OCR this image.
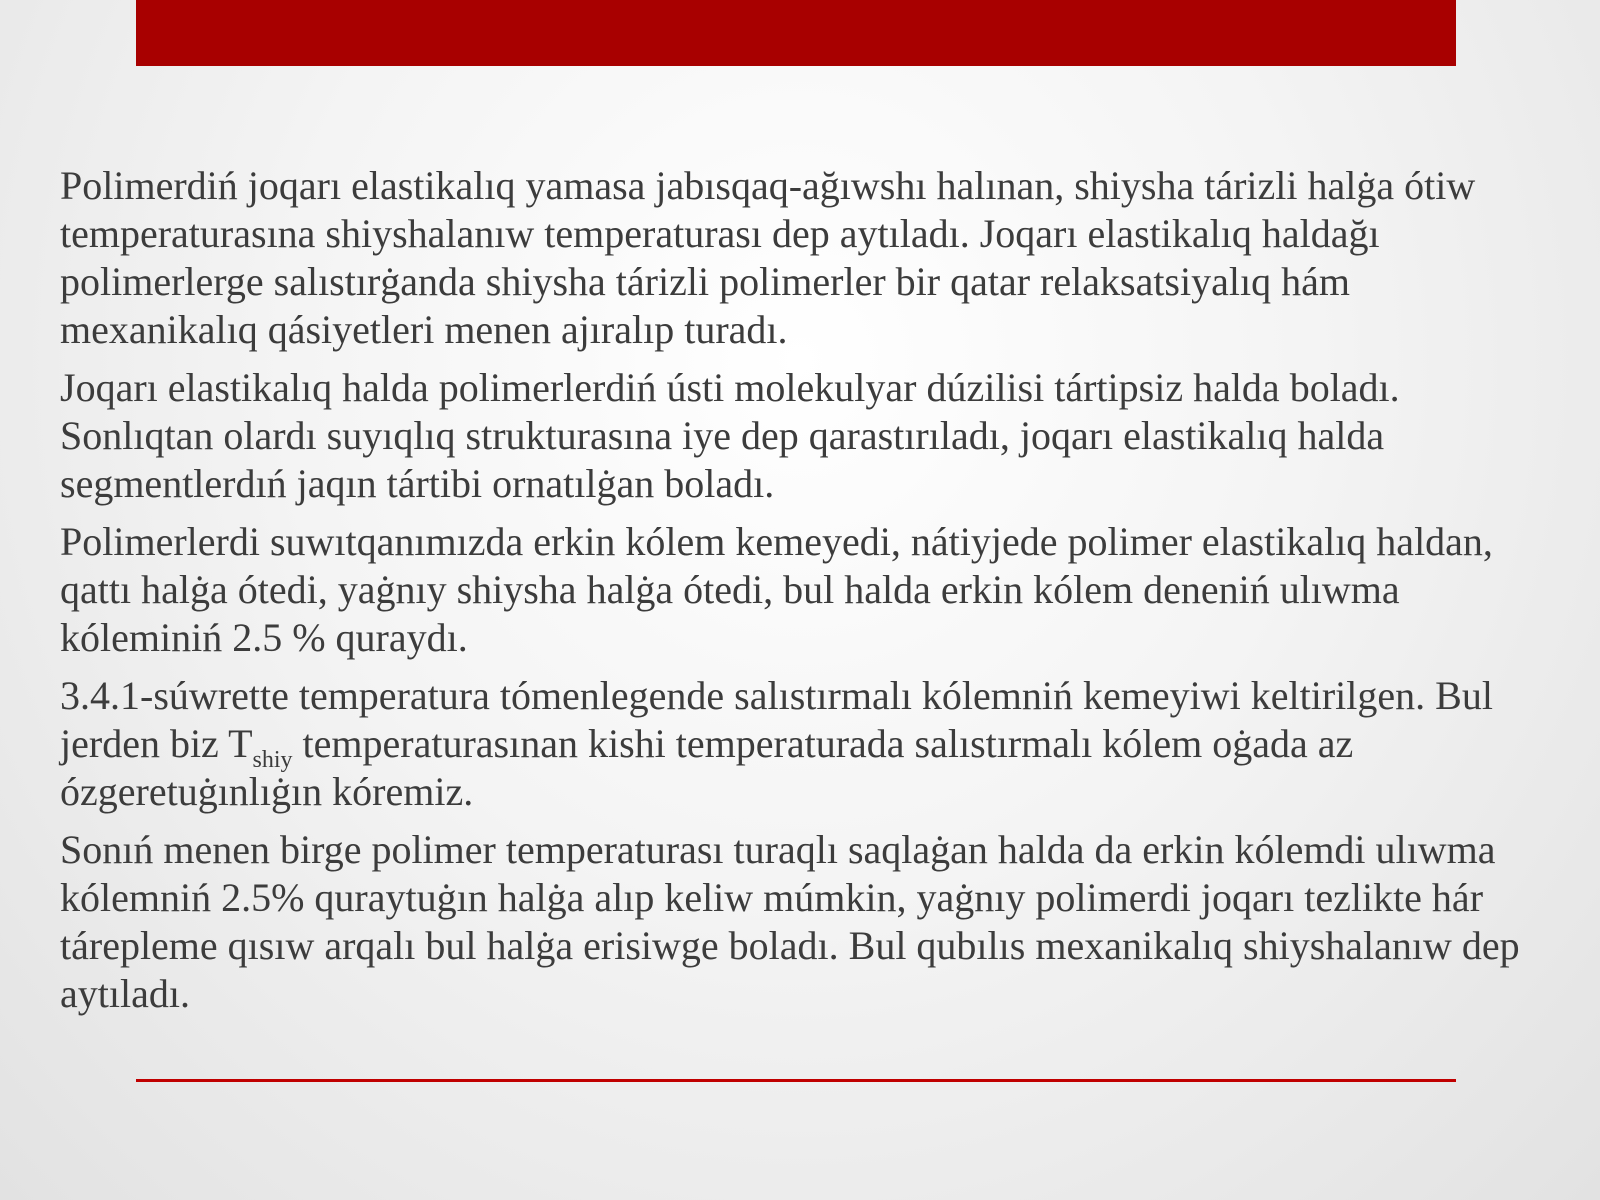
Polimerdiń joqarı elastikalıq yamasa jabısqaq-ağıwshı halınan, shiysha tárizli halġa ótiw temperaturasına shiyshalanıw temperaturası dep aytıladı. Joqarı elastikalıq haldağı polimerlerge salıstırġanda shiysha tárizli polimerler bir qatar relaksatsiyalıq hám mexanikalıq qásiyetleri menen ajıralıp turadı.

Joqarı elastikalıq halda polimerlerdiń ústi molekulyar dúzilisi tártipsiz halda boladı. Sonlıqtan olardı suyıqlıq strukturasına iye dep qarastırıladı, joqarı elastikalıq halda segmentlerdıń jaqın tártibi ornatılġan boladı.

Polimerlerdi suwıtqanımızda erkin kólem kemeyedi, nátiyjede polimer elastikalıq haldan, qattı halġa ótedi, yaġnıy shiysha halġa ótedi, bul halda erkin kólem deneniń ulıwma kóleminiń 2.5 % quraydı.

3.4.1-súwrette temperatura tómenlegende salıstırmalı kólemniń kemeyiwi keltirilgen. Bul jerden biz $T_{shiy}$ temperaturasınan kishi temperaturada salıstırmalı kólem oġada az ózgeretuġınlıġın kóremiz.

Sonıń menen birge polimer temperaturası turaqlı saqlaġan halda da erkin kólemdi ulıwma kólemniń 2.5% quraytuġın halġa alıp keliw múmkin, yaġnıy polimerdi joqarı tezlikte hár tárepleme qısıw arqalı bul halġa erisiwge boladı. Bul qubılıs mexanikalıq shiyshalanıw dep aytıladı.
